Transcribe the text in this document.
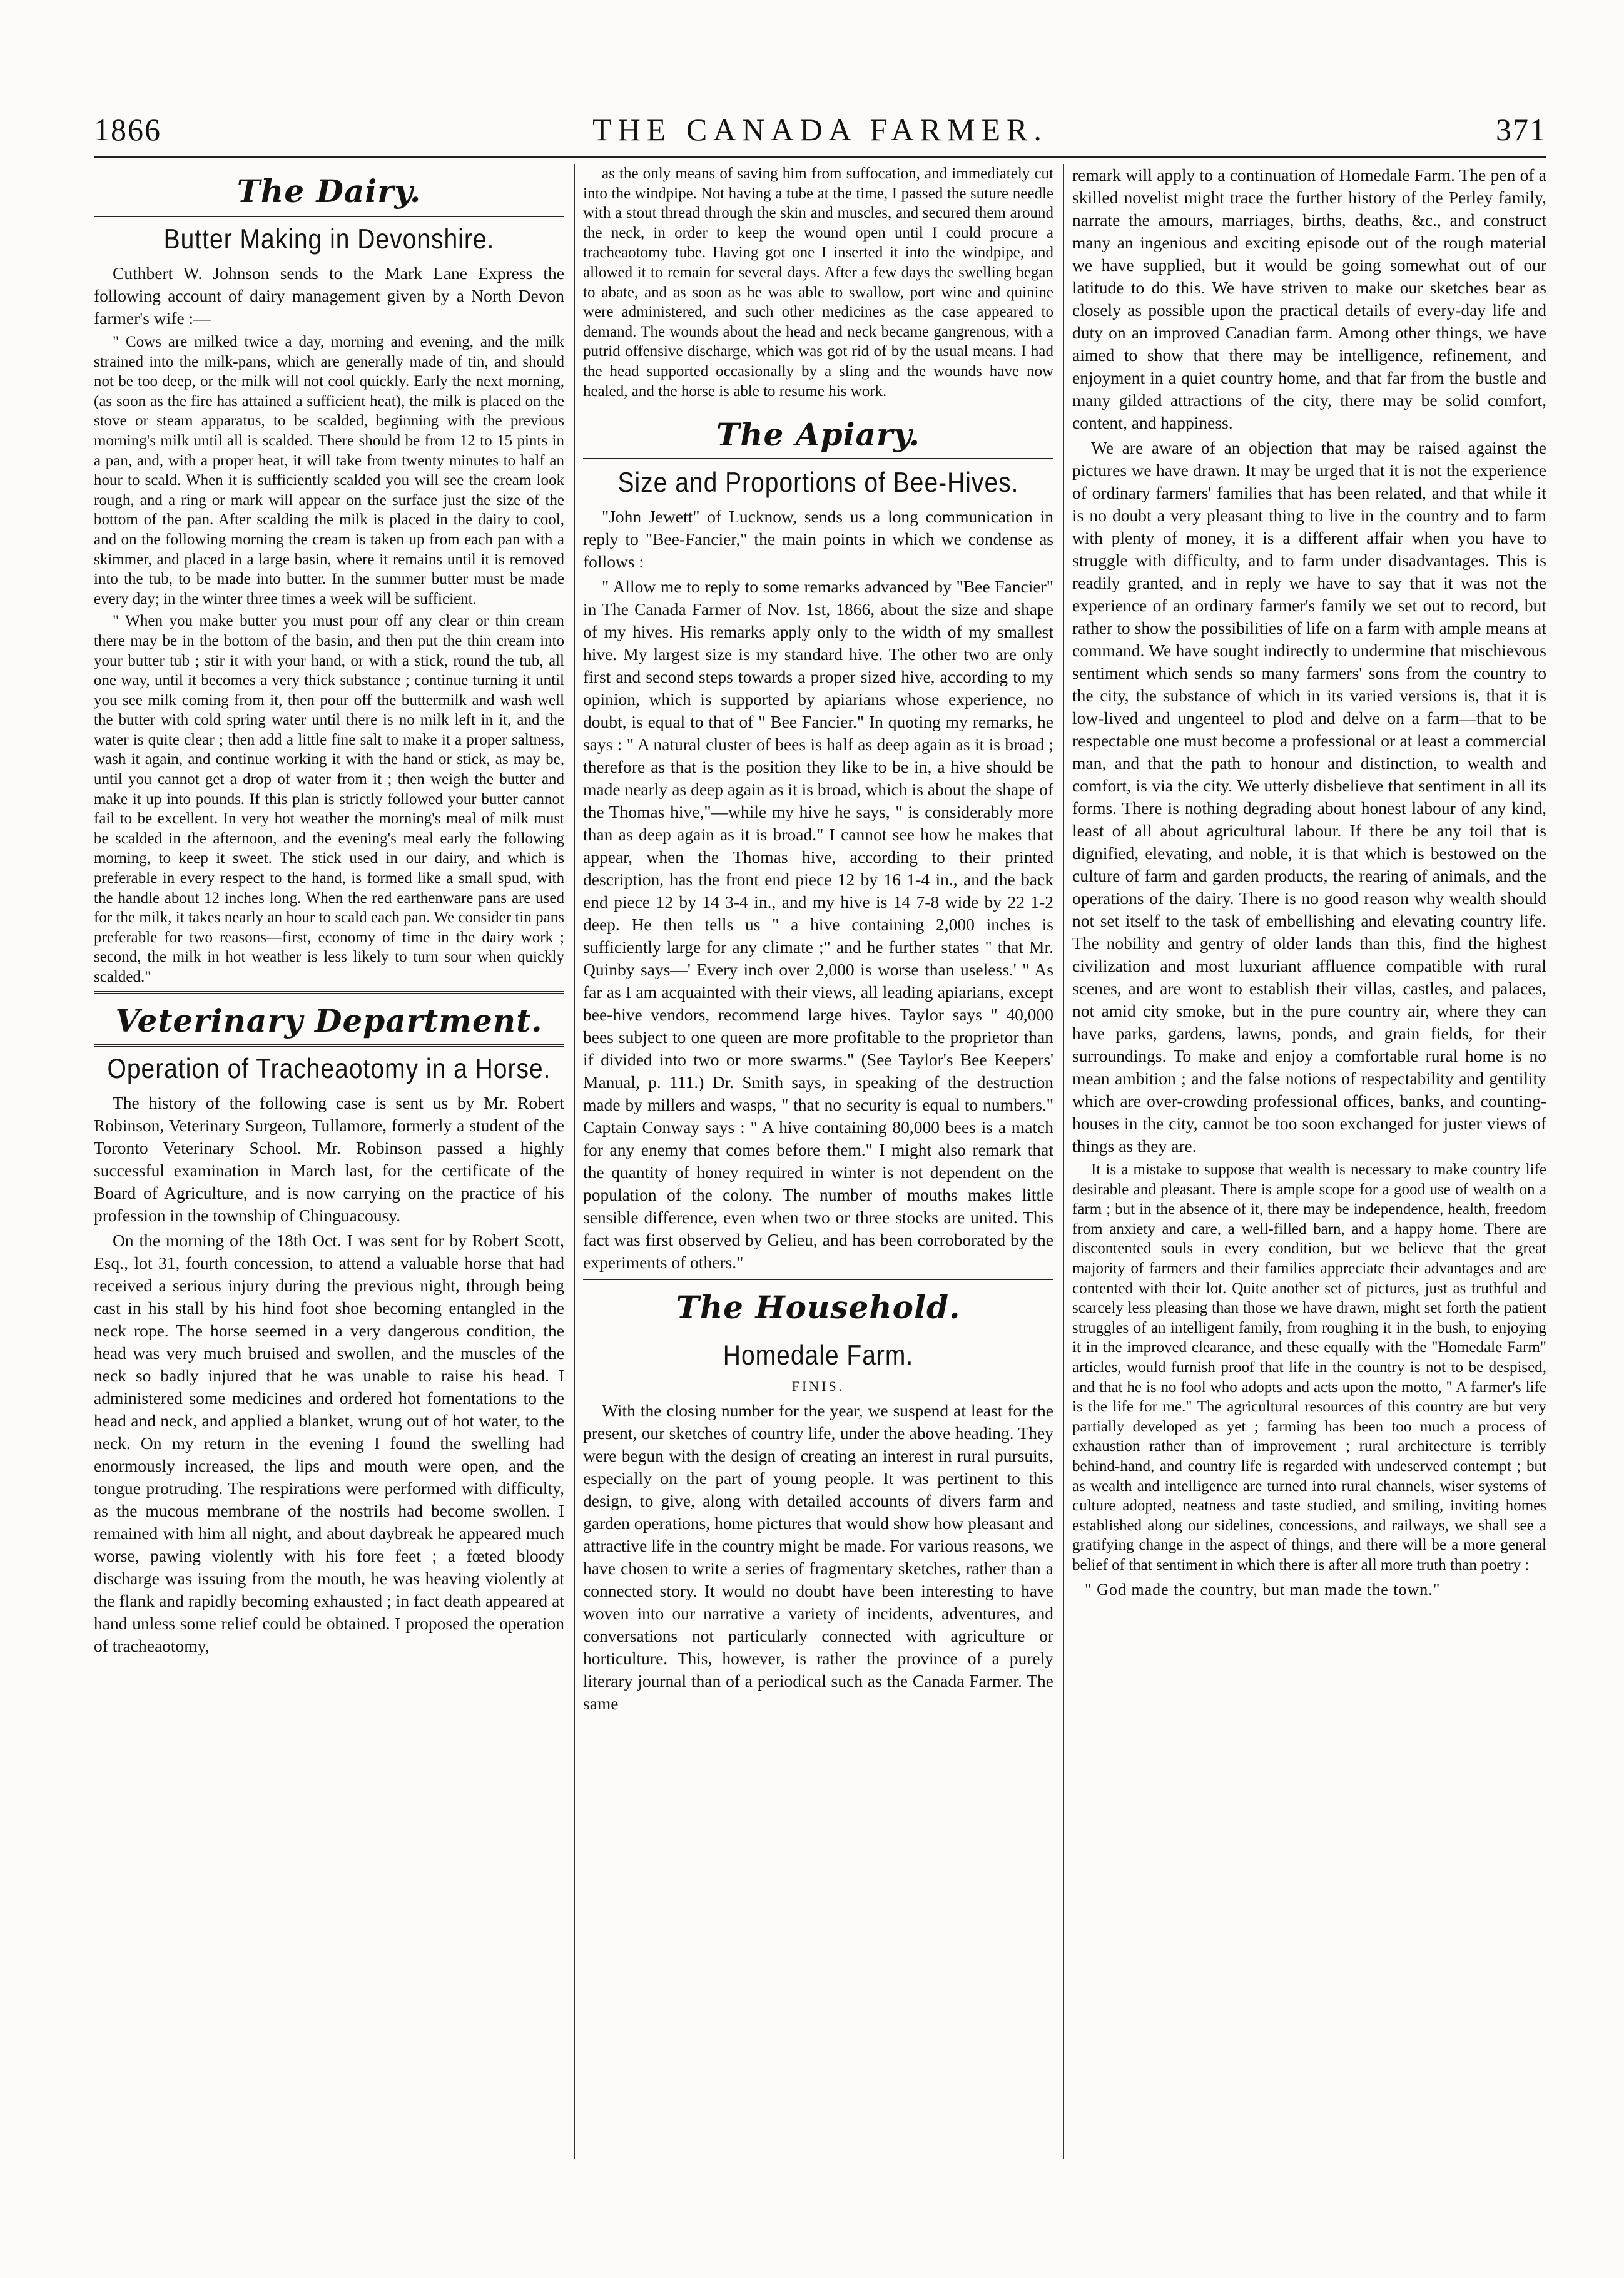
1866	THE CANADA FARMER.	371
The Dairy.
Butter Making in Devonshire.

Cuthbert W. Johnson sends to the Mark Lane Express the following account of dairy management given by a North Devon farmer's wife :—

" Cows are milked twice a day, morning and evening, and the milk strained into the milk-pans, which are generally made of tin, and should not be too deep, or the milk will not cool quickly. Early the next morning, (as soon as the fire has attained a sufficient heat), the milk is placed on the stove or steam apparatus, to be scalded, beginning with the previous morning's milk until all is scalded. There should be from 12 to 15 pints in a pan, and, with a proper heat, it will take from twenty minutes to half an hour to scald. When it is sufficiently scalded you will see the cream look rough, and a ring or mark will appear on the surface just the size of the bottom of the pan. After scalding the milk is placed in the dairy to cool, and on the following morning the cream is taken up from each pan with a skimmer, and placed in a large basin, where it remains until it is removed into the tub, to be made into butter. In the summer butter must be made every day; in the winter three times a week will be sufficient.

" When you make butter you must pour off any clear or thin cream there may be in the bottom of the basin, and then put the thin cream into your butter tub ; stir it with your hand, or with a stick, round the tub, all one way, until it becomes a very thick substance ; continue turning it until you see milk coming from it, then pour off the buttermilk and wash well the butter with cold spring water until there is no milk left in it, and the water is quite clear ; then add a little fine salt to make it a proper saltness, wash it again, and continue working it with the hand or stick, as may be, until you cannot get a drop of water from it ; then weigh the butter and make it up into pounds. If this plan is strictly followed your butter cannot fail to be excellent. In very hot weather the morning's meal of milk must be scalded in the afternoon, and the evening's meal early the following morning, to keep it sweet. The stick used in our dairy, and which is preferable in every respect to the hand, is formed like a small spud, with the handle about 12 inches long. When the red earthenware pans are used for the milk, it takes nearly an hour to scald each pan. We consider tin pans preferable for two reasons—first, economy of time in the dairy work ; second, the milk in hot weather is less likely to turn sour when quickly scalded."

Veterinary Department.
Operation of Tracheaotomy in a Horse.

The history of the following case is sent us by Mr. Robert Robinson, Veterinary Surgeon, Tullamore, formerly a student of the Toronto Veterinary School. Mr. Robinson passed a highly successful examination in March last, for the certificate of the Board of Agriculture, and is now carrying on the practice of his profession in the township of Chinguacousy.

On the morning of the 18th Oct. I was sent for by Robert Scott, Esq., lot 31, fourth concession, to attend a valuable horse that had received a serious injury during the previous night, through being cast in his stall by his hind foot shoe becoming entangled in the neck rope. The horse seemed in a very dangerous condition, the head was very much bruised and swollen, and the muscles of the neck so badly injured that he was unable to raise his head. I administered some medicines and ordered hot fomentations to the head and neck, and applied a blanket, wrung out of hot water, to the neck. On my return in the evening I found the swelling had enormously increased, the lips and mouth were open, and the tongue protruding. The respirations were performed with difficulty, as the mucous membrane of the nostrils had become swollen. I remained with him all night, and about daybreak he appeared much worse, pawing violently with his fore feet ; a fœted bloody discharge was issuing from the mouth, he was heaving violently at the flank and rapidly becoming exhausted ; in fact death appeared at hand unless some relief could be obtained. I proposed the operation of tracheaotomy,

as the only means of saving him from suffocation, and immediately cut into the windpipe. Not having a tube at the time, I passed the suture needle with a stout thread through the skin and muscles, and secured them around the neck, in order to keep the wound open until I could procure a tracheaotomy tube. Having got one I inserted it into the windpipe, and allowed it to remain for several days. After a few days the swelling began to abate, and as soon as he was able to swallow, port wine and quinine were administered, and such other medicines as the case appeared to demand. The wounds about the head and neck became gangrenous, with a putrid offensive discharge, which was got rid of by the usual means. I had the head supported occasionally by a sling and the wounds have now healed, and the horse is able to resume his work.

The Apiary.
Size and Proportions of Bee-Hives.

"John Jewett" of Lucknow, sends us a long communication in reply to "Bee-Fancier," the main points in which we condense as follows :

" Allow me to reply to some remarks advanced by "Bee Fancier" in The Canada Farmer of Nov. 1st, 1866, about the size and shape of my hives. His remarks apply only to the width of my smallest hive. My largest size is my standard hive. The other two are only first and second steps towards a proper sized hive, according to my opinion, which is supported by apiarians whose experience, no doubt, is equal to that of " Bee Fancier." In quoting my remarks, he says : " A natural cluster of bees is half as deep again as it is broad ; therefore as that is the position they like to be in, a hive should be made nearly as deep again as it is broad, which is about the shape of the Thomas hive,"—while my hive he says, " is considerably more than as deep again as it is broad." I cannot see how he makes that appear, when the Thomas hive, according to their printed description, has the front end piece 12 by 16 1-4 in., and the back end piece 12 by 14 3-4 in., and my hive is 14 7-8 wide by 22 1-2 deep. He then tells us " a hive containing 2,000 inches is sufficiently large for any climate ;" and he further states " that Mr. Quinby says—' Every inch over 2,000 is worse than useless.' " As far as I am acquainted with their views, all leading apiarians, except bee-hive vendors, recommend large hives. Taylor says " 40,000 bees subject to one queen are more profitable to the proprietor than if divided into two or more swarms." (See Taylor's Bee Keepers' Manual, p. 111.) Dr. Smith says, in speaking of the destruction made by millers and wasps, " that no security is equal to numbers." Captain Conway says : " A hive containing 80,000 bees is a match for any enemy that comes before them." I might also remark that the quantity of honey required in winter is not dependent on the population of the colony. The number of mouths makes little sensible difference, even when two or three stocks are united. This fact was first observed by Gelieu, and has been corroborated by the experiments of others."

The Household.
Homedale Farm.
FINIS.

With the closing number for the year, we suspend at least for the present, our sketches of country life, under the above heading. They were begun with the design of creating an interest in rural pursuits, especially on the part of young people. It was pertinent to this design, to give, along with detailed accounts of divers farm and garden operations, home pictures that would show how pleasant and attractive life in the country might be made. For various reasons, we have chosen to write a series of fragmentary sketches, rather than a connected story. It would no doubt have been interesting to have woven into our narrative a variety of incidents, adventures, and conversations not particularly connected with agriculture or horticulture. This, however, is rather the province of a purely literary journal than of a periodical such as the Canada Farmer. The same

remark will apply to a continuation of Homedale Farm. The pen of a skilled novelist might trace the further history of the Perley family, narrate the amours, marriages, births, deaths, &c., and construct many an ingenious and exciting episode out of the rough material we have supplied, but it would be going somewhat out of our latitude to do this. We have striven to make our sketches bear as closely as possible upon the practical details of every-day life and duty on an improved Canadian farm. Among other things, we have aimed to show that there may be intelligence, refinement, and enjoyment in a quiet country home, and that far from the bustle and many gilded attractions of the city, there may be solid comfort, content, and happiness.

We are aware of an objection that may be raised against the pictures we have drawn. It may be urged that it is not the experience of ordinary farmers' families that has been related, and that while it is no doubt a very pleasant thing to live in the country and to farm with plenty of money, it is a different affair when you have to struggle with difficulty, and to farm under disadvantages. This is readily granted, and in reply we have to say that it was not the experience of an ordinary farmer's family we set out to record, but rather to show the possibilities of life on a farm with ample means at command. We have sought indirectly to undermine that mischievous sentiment which sends so many farmers' sons from the country to the city, the substance of which in its varied versions is, that it is low-lived and ungenteel to plod and delve on a farm—that to be respectable one must become a professional or at least a commercial man, and that the path to honour and distinction, to wealth and comfort, is via the city. We utterly disbelieve that sentiment in all its forms. There is nothing degrading about honest labour of any kind, least of all about agricultural labour. If there be any toil that is dignified, elevating, and noble, it is that which is bestowed on the culture of farm and garden products, the rearing of animals, and the operations of the dairy. There is no good reason why wealth should not set itself to the task of embellishing and elevating country life. The nobility and gentry of older lands than this, find the highest civilization and most luxuriant affluence compatible with rural scenes, and are wont to establish their villas, castles, and palaces, not amid city smoke, but in the pure country air, where they can have parks, gardens, lawns, ponds, and grain fields, for their surroundings. To make and enjoy a comfortable rural home is no mean ambition ; and the false notions of respectability and gentility which are over-crowding professional offices, banks, and counting-houses in the city, cannot be too soon exchanged for juster views of things as they are.

It is a mistake to suppose that wealth is necessary to make country life desirable and pleasant. There is ample scope for a good use of wealth on a farm ; but in the absence of it, there may be independence, health, freedom from anxiety and care, a well-filled barn, and a happy home. There are discontented souls in every condition, but we believe that the great majority of farmers and their families appreciate their advantages and are contented with their lot. Quite another set of pictures, just as truthful and scarcely less pleasing than those we have drawn, might set forth the patient struggles of an intelligent family, from roughing it in the bush, to enjoying it in the improved clearance, and these equally with the "Homedale Farm" articles, would furnish proof that life in the country is not to be despised, and that he is no fool who adopts and acts upon the motto, " A farmer's life is the life for me." The agricultural resources of this country are but very partially developed as yet ; farming has been too much a process of exhaustion rather than of improvement ; rural architecture is terribly behind-hand, and country life is regarded with undeserved contempt ; but as wealth and intelligence are turned into rural channels, wiser systems of culture adopted, neatness and taste studied, and smiling, inviting homes established along our sidelines, concessions, and railways, we shall see a gratifying change in the aspect of things, and there will be a more general belief of that sentiment in which there is after all more truth than poetry :

" God made the country, but man made the town."
